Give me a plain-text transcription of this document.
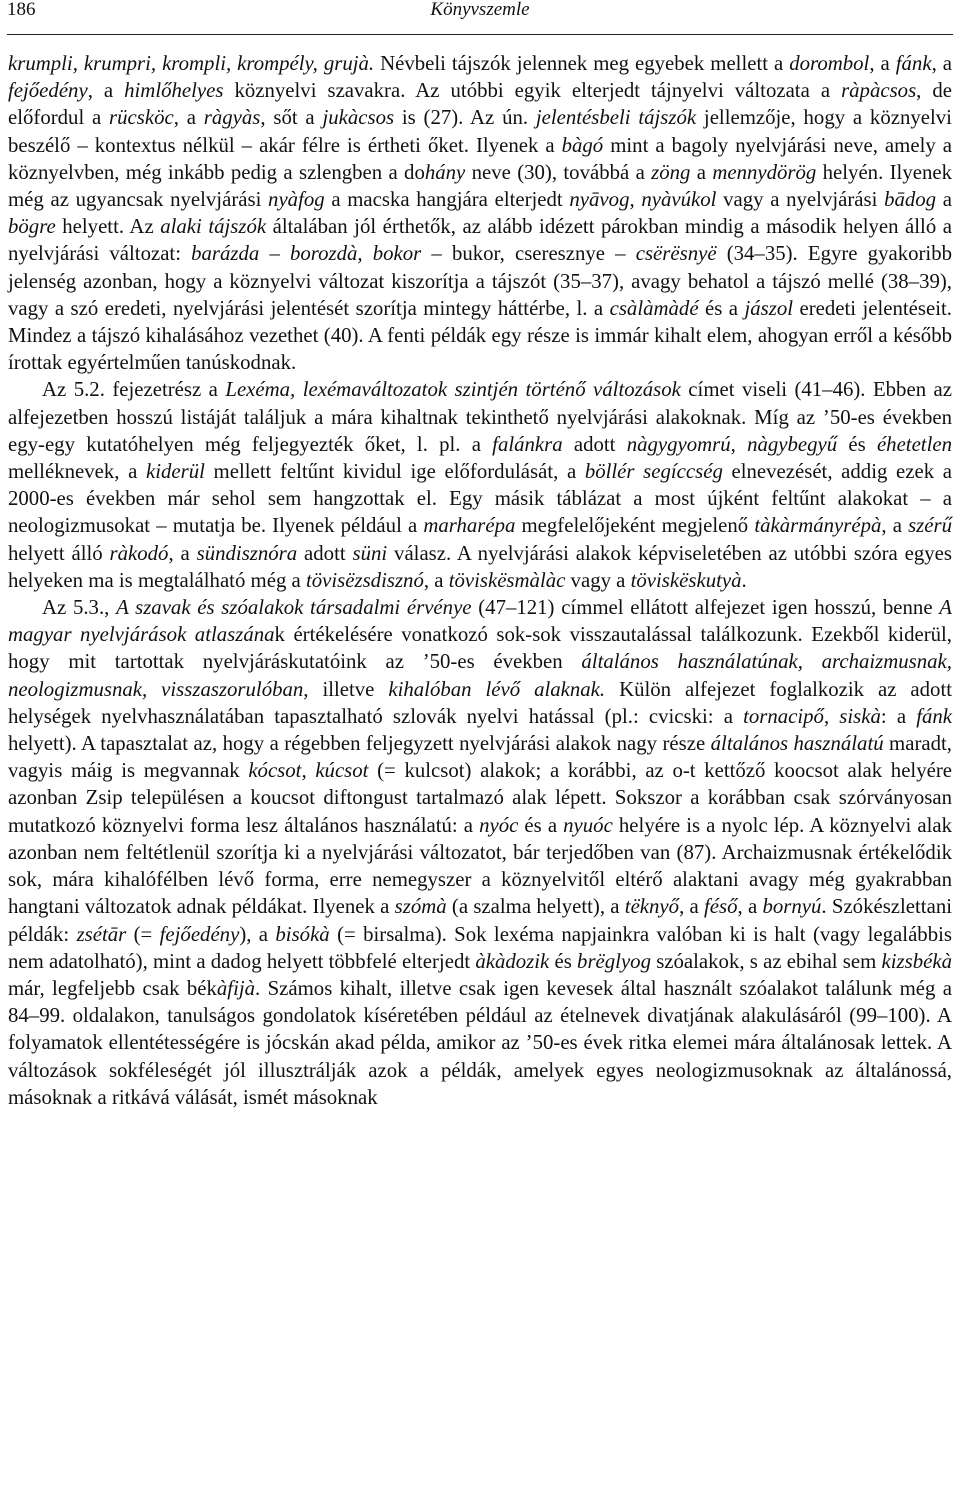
186	Könyvszemle

krumpli, krumpri, krompli, krompély, grujà. Névbeli tájszók jelennek meg egyebek mellett a dorombol, a fánk, a fejőedény, a himlőhelyes köznyelvi szavakra. Az utóbbi egyik elterjedt tájnyelvi változata a ràpàcsos, de előfordul a rücsköс, a ràgyàs, sőt a jukàcsos is (27). Az ún. jelentésbeli tájszók jellemzője, hogy a köznyelvi beszélő – kontextus nélkül – akár félre is értheti őket. Ilyenek a bàgó mint a bagoly nyelvjárási neve, amely a köznyelvben, még inkább pedig a szlengben a dohány neve (30), továbbá a zöng a mennydörög helyén. Ilyenek még az ugyancsak nyelvjárási nyàfog a macska hangjára elterjedt nyāvog, nyàvúkol vagy a nyelvjárási bādog a bögre helyett. Az alaki tájszók általában jól érthetők, az alább idézett párokban mindig a második helyen álló a nyelvjárási változat: barázda – borozdà, bokor – bukor, cseresznye – csërësnyë (34–35). Egyre gyakoribb jelenség azonban, hogy a köznyelvi változat kiszorítja a tájszót (35–37), avagy behatol a tájszó mellé (38–39), vagy a szó eredeti, nyelvjárási jelentését szorítja mintegy háttérbe, l. a csàlàmàdé és a jászol eredeti jelentéseit. Mindez a tájszó kihalásához vezethet (40). A fenti példák egy része is immár kihalt elem, ahogyan erről a később írottak egyértelműen tanúskodnak.

Az 5.2. fejezetrész a Lexéma, lexémaváltozatok szintjén történő változások címet viseli (41–46). Ebben az alfejezetben hosszú listáját találjuk a mára kihaltnak tekinthető nyelvjárási alakoknak. Míg az ’50-es években egy-egy kutatóhelyen még feljegyezték őket, l. pl. a falánkra adott nàgygyomrú, nàgybegyű és éhetetlen melléknevek, a kiderül mellett feltűnt kividul ige előfordulását, a böllér segíccség elnevezését, addig ezek a 2000-es években már sehol sem hangzottak el. Egy másik táblázat a most újként feltűnt alakokat – a neologizmusokat – mutatja be. Ilyenek például a marharépa megfelelőjeként megjelenő tàkàrmányrépà, a szérű helyett álló ràkodó, a sündisznóra adott süni válasz. A nyelvjárási alakok képviseletében az utóbbi szóra egyes helyeken ma is megtalálható még a tövisëzsdisznó, a töviskësmàlàc vagy a töviskëskutyà.

Az 5.3., A szavak és szóalakok társadalmi érvénye (47–121) címmel ellátott alfejezet igen hosszú, benne A magyar nyelvjárások atlaszának értékelésére vonatkozó sok-sok visszautalással találkozunk. Ezekből kiderül, hogy mit tartottak nyelvjáráskutatóink az ’50-es években általános használatúnak, archaizmusnak, neologizmusnak, visszaszorulóban, illetve kihalóban lévő alaknak. Külön alfejezet foglalkozik az adott helységek nyelvhasználatában tapasztalható szlovák nyelvi hatással (pl.: cvicski: a tornacipő, siskà: a fánk helyett). A tapasztalat az, hogy a régebben feljegyzett nyelvjárási alakok nagy része általános használatú maradt, vagyis máig is megvannak kócsot, kúcsot (= kulcsot) alakok; a korábbi, az o-t kettőző koocsot alak helyére azonban Zsip településen a koucsot diftongust tartalmazó alak lépett. Sokszor a korábban csak szórványosan mutatkozó köznyelvi forma lesz általános használatú: a nyóc és a nyuóc helyére is a nyolc lép. A köznyelvi alak azonban nem feltétlenül szorítja ki a nyelvjárási változatot, bár terjedőben van (87). Archaizmusnak értékelődik sok, mára kihalófélben lévő forma, erre nemegyszer a köznyelvitől eltérő alaktani avagy még gyakrabban hangtani változatok adnak példákat. Ilyenek a szómà (a szalma helyett), a tëknyő, a féső, a bornyú. Szókészlettani példák: zsétār (= fejőedény), a bisókà (= birsalma). Sok lexéma napjainkra valóban ki is halt (vagy legalábbis nem adatolható), mint a dadog helyett többfelé elterjedt àkàdozik és brëglyog szóalakok, s az ebihal sem kizsbékà már, legfeljebb csak békàfijà. Számos kihalt, illetve csak igen kevesek által használt szóalakot találunk még a 84–99. oldalakon, tanulságos gondolatok kíséretében például az ételnevek divatjának alakulásáról (99–100). A folyamatok ellentétességére is jócskán akad példa, amikor az ’50-es évek ritka elemei mára általánosak lettek. A változások sokféleségét jól illusztrálják azok a példák, amelyek egyes neologizmusoknak az általánossá, másoknak a ritkává válását, ismét másoknak
